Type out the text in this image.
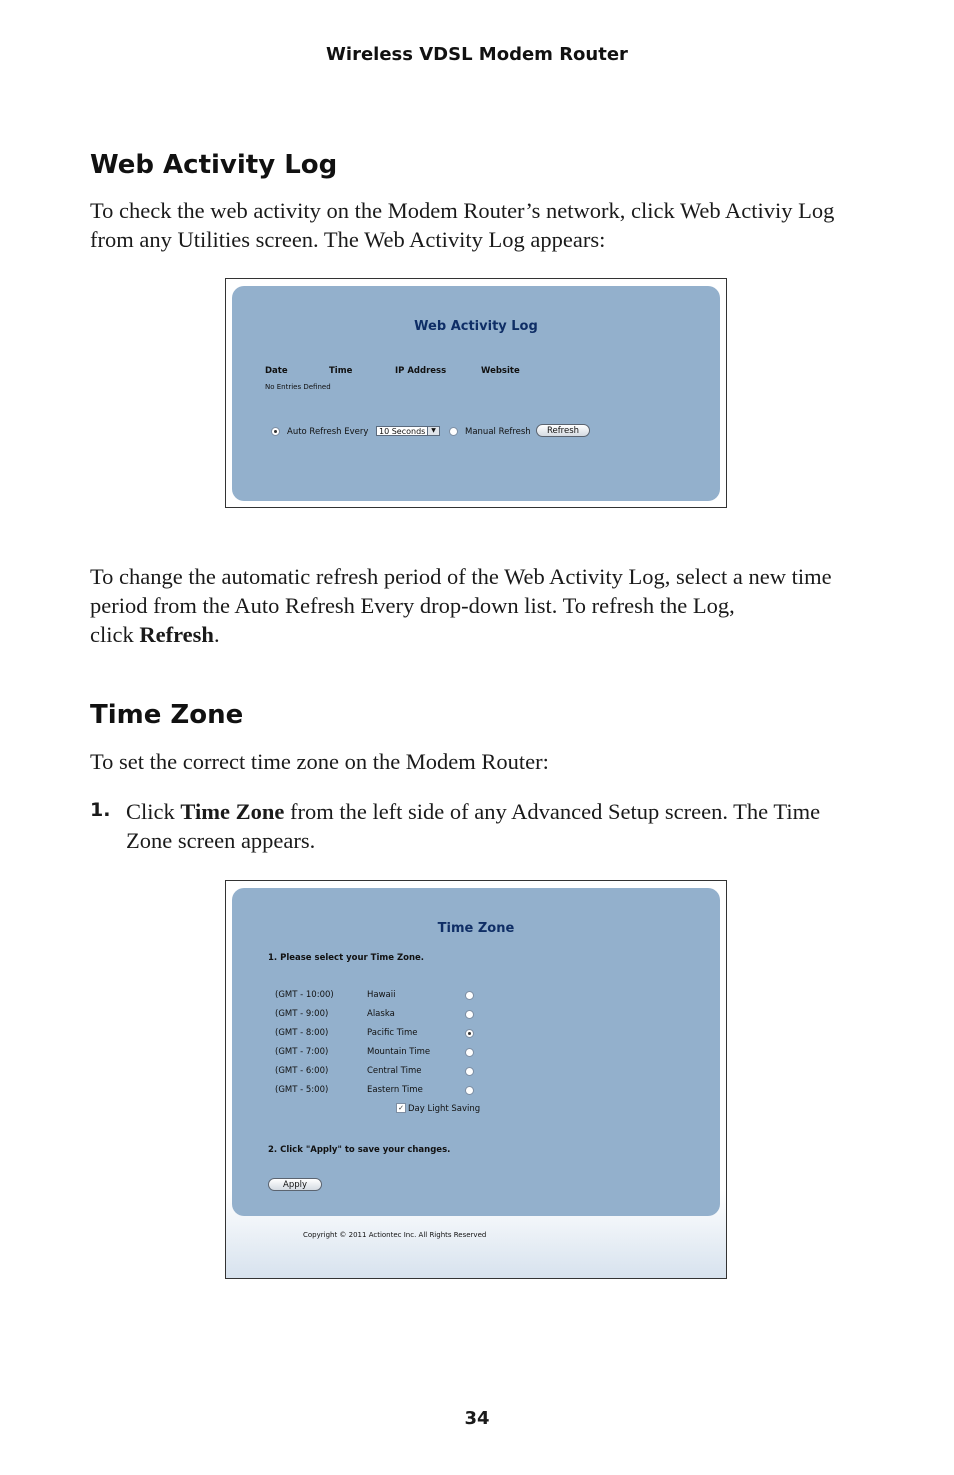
Wireless VDSL Modem Router
Web Activity Log

To check the web activity on the Modem Router’s network, click Web Activiy Log
from any Utilities screen. The Web Activity Log appears:

Web Activity Log
Date	Time	IP Address	Website
No Entries Defined
Auto Refresh Every	10 Seconds ▼	Manual Refresh	Refresh

To change the automatic refresh period of the Web Activity Log, select a new time
period from the Auto Refresh Every drop-down list. To refresh the Log,
click Refresh.

Time Zone

To set the correct time zone on the Modem Router:

1. Click Time Zone from the left side of any Advanced Setup screen. The Time
Zone screen appears.
Time Zone
1. Please select your Time Zone.
(GMT - 10:00)	Hawaii
(GMT - 9:00)	Alaska
(GMT - 8:00)	Pacific Time
(GMT - 7:00)	Mountain Time
(GMT - 6:00)	Central Time
(GMT - 5:00)	Eastern Time
✓ Day Light Saving
2. Click "Apply" to save your changes.
Apply
Copyright © 2011 Actiontec Inc. All Rights Reserved
34
